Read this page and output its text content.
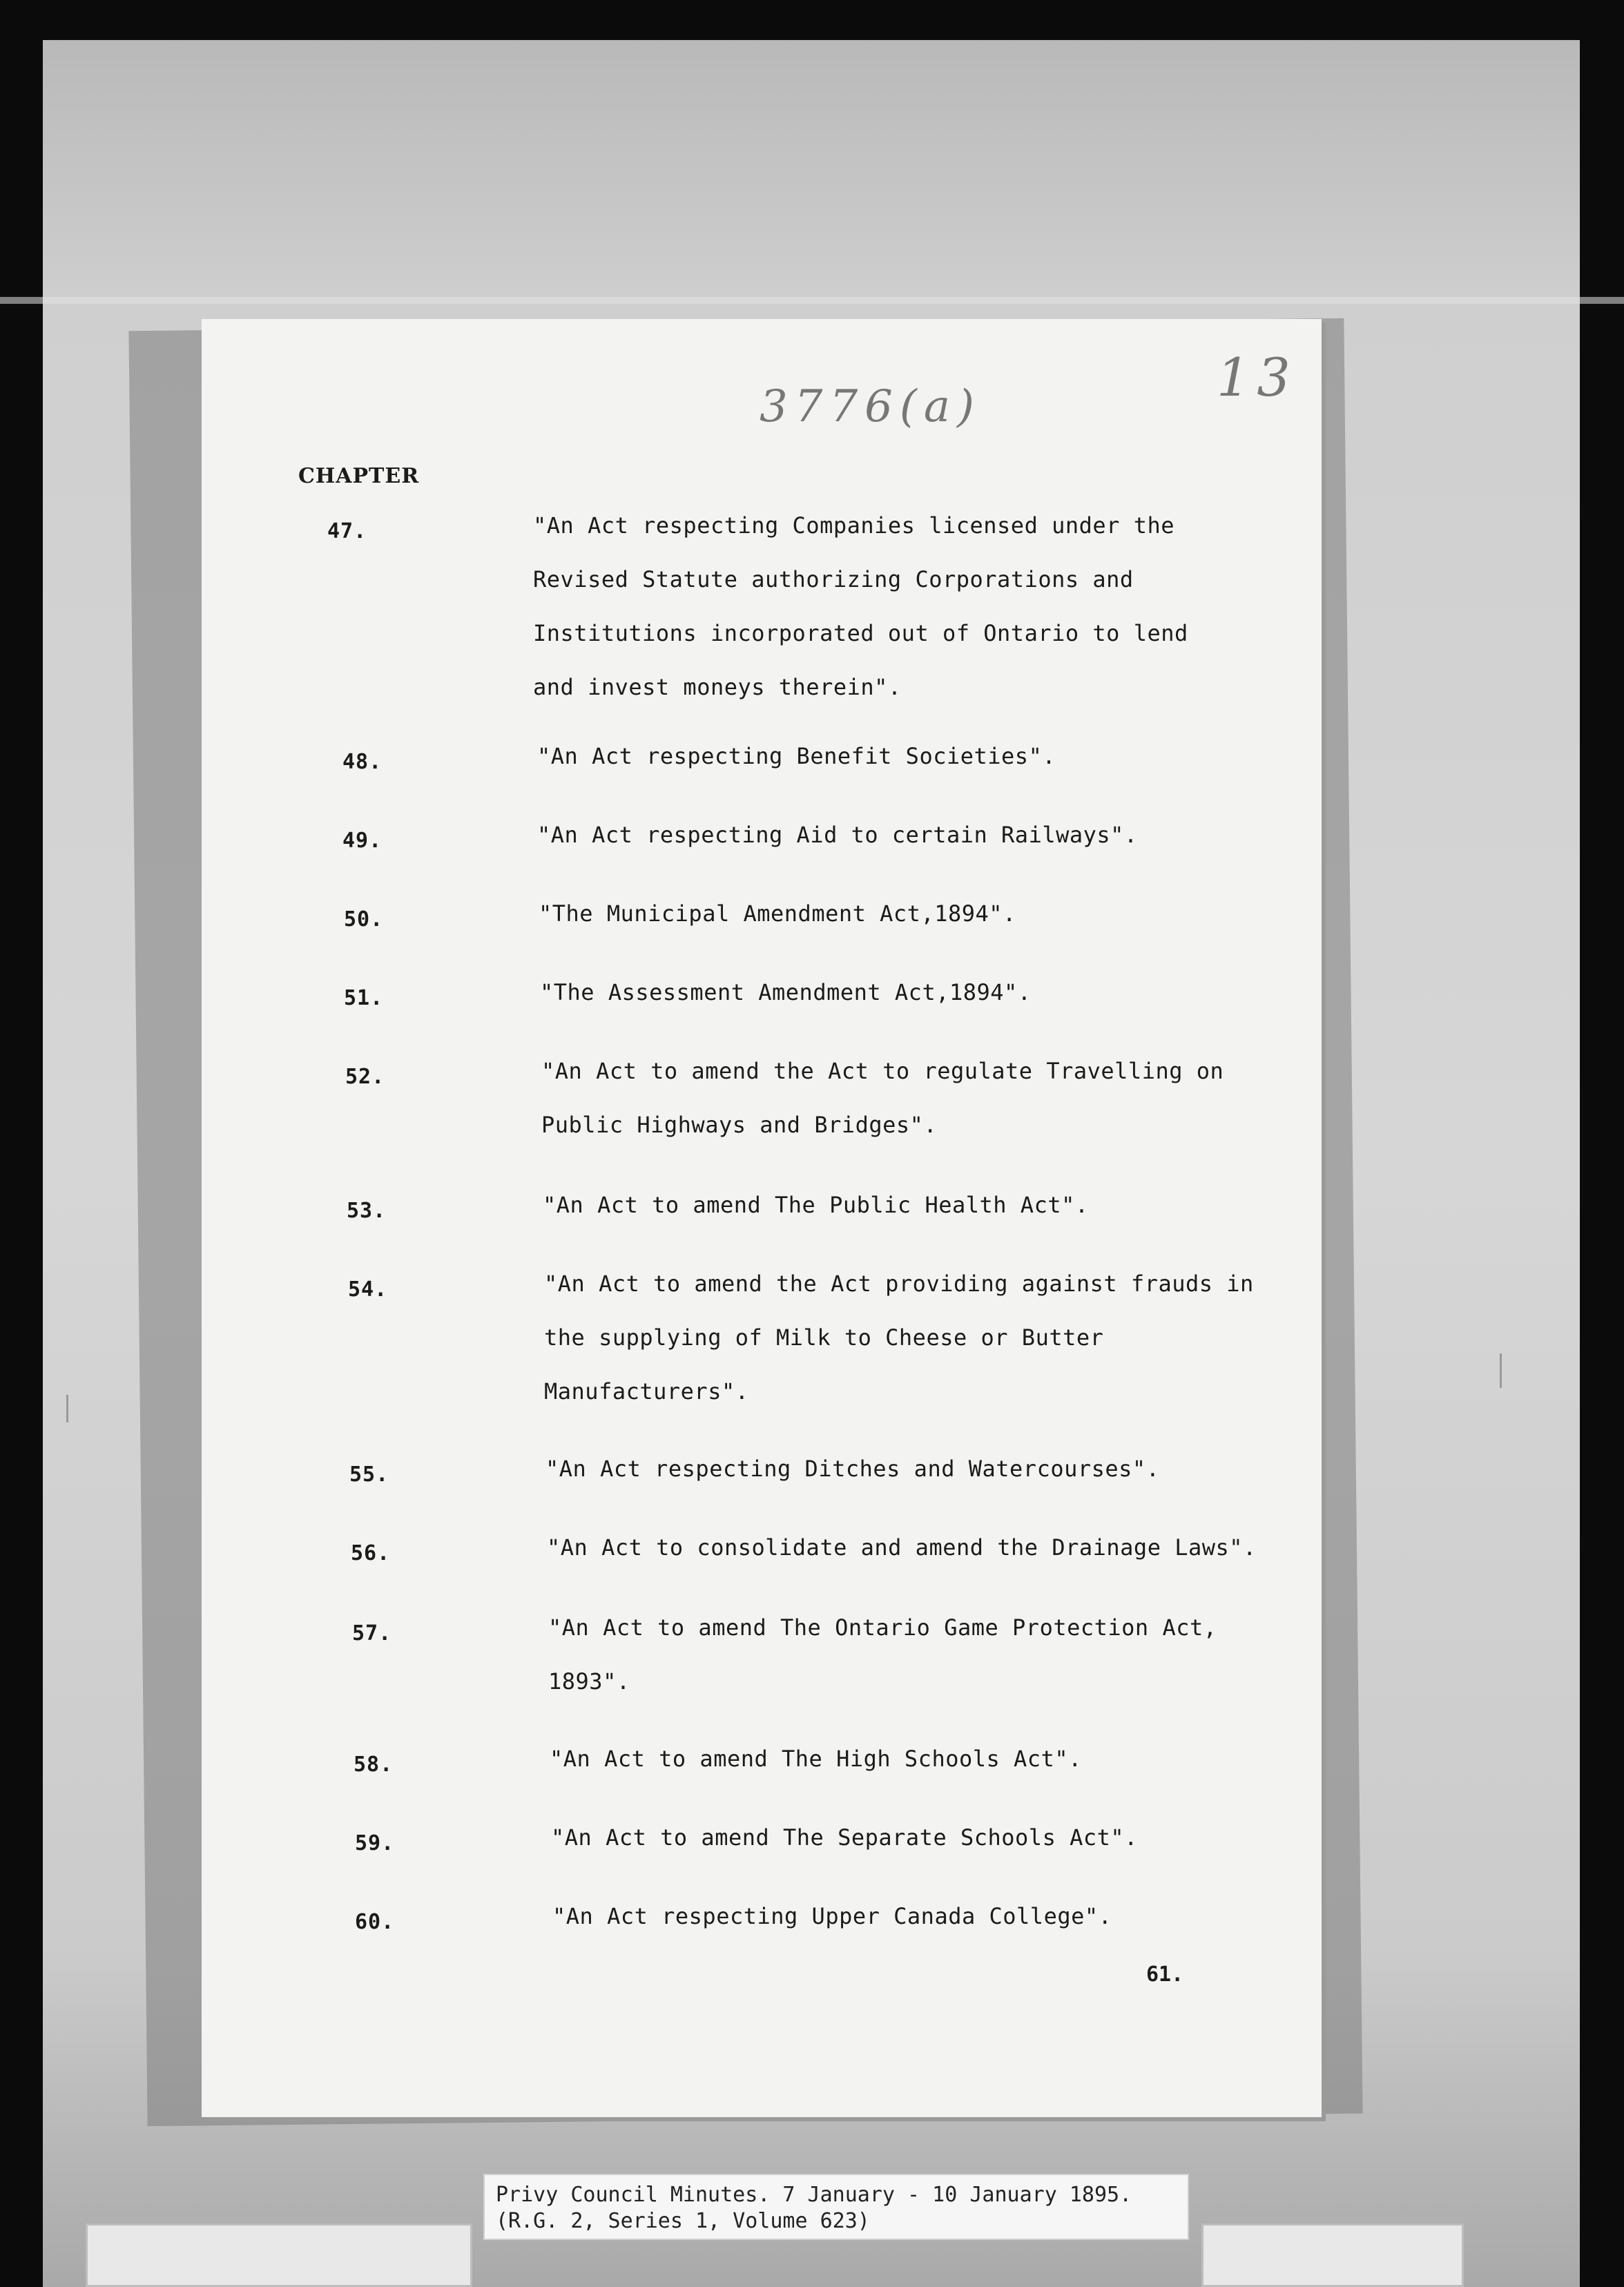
3776(a)	13
CHAPTER
47.	"An Act respecting Companies licensed under the
Revised Statute authorizing Corporations and
Institutions incorporated out of Ontario to lend
and invest moneys therein".
48.	"An Act respecting Benefit Societies".
49.	"An Act respecting Aid to certain Railways".
50.	"The Municipal Amendment Act,1894".
51.	"The Assessment Amendment Act,1894".
52.	"An Act to amend the Act to regulate Travelling on
Public Highways and Bridges".
53.	"An Act to amend The Public Health Act".
54.	"An Act to amend the Act providing against frauds in
the supplying of Milk to Cheese or Butter
Manufacturers".
55.	"An Act respecting Ditches and Watercourses".
56.	"An Act to consolidate and amend the Drainage Laws".
57.	"An Act to amend The Ontario Game Protection Act,
1893".
58.	"An Act to amend The High Schools Act".
59.	"An Act to amend The Separate Schools Act".
60.	"An Act respecting Upper Canada College".
61.
Privy Council Minutes. 7 January - 10 January 1895.
(R.G. 2, Series 1, Volume 623)
